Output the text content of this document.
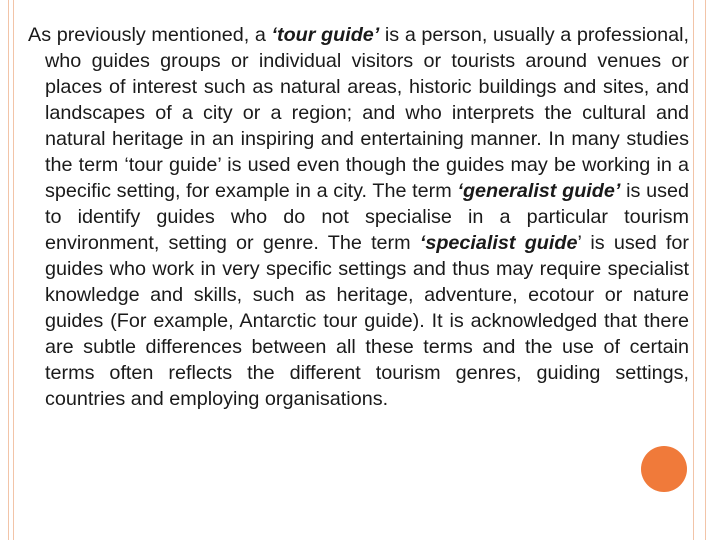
As previously mentioned, a ‘tour guide’ is a person, usually a professional, who guides groups or individual visitors or tourists around venues or places of interest such as natural areas, historic buildings and sites, and landscapes of a city or a region; and who interprets the cultural and natural heritage in an inspiring and entertaining manner. In many studies the term ‘tour guide’ is used even though the guides may be working in a specific setting, for example in a city. The term ‘generalist guide’ is used to identify guides who do not specialise in a particular tourism environment, setting or genre. The term ‘specialist guide’ is used for guides who work in very specific settings and thus may require specialist knowledge and skills, such as heritage, adventure, ecotour or nature guides (For example, Antarctic tour guide). It is acknowledged that there are subtle differences between all these terms and the use of certain terms often reflects the different tourism genres, guiding settings, countries and employing organisations.
